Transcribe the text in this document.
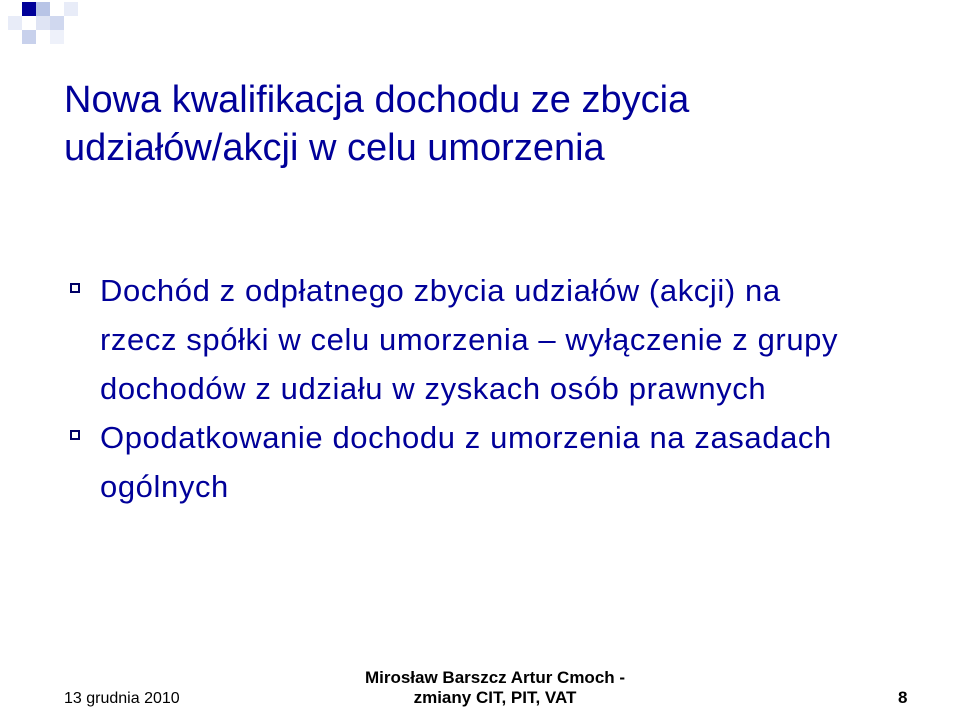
Nowa kwalifikacja dochodu ze zbycia
udziałów/akcji w celu umorzenia
Dochód z odpłatnego zbycia udziałów (akcji) na
rzecz spółki w celu umorzenia – wyłączenie z grupy
dochodów z udziału w zyskach osób prawnych
Opodatkowanie dochodu z umorzenia na zasadach
ogólnych
13 grudnia 2010
Mirosław Barszcz Artur Cmoch -
zmiany CIT, PIT, VAT	8
